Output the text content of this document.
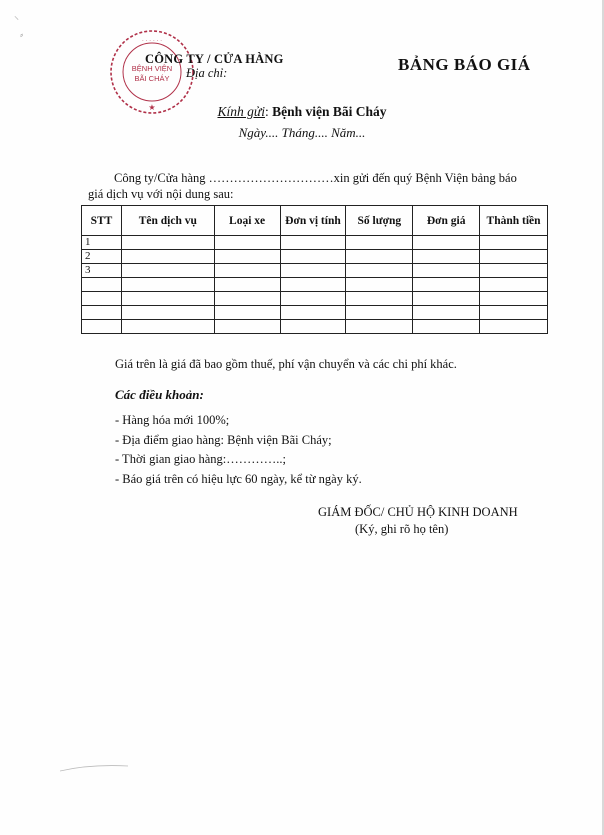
⸜
⸗	· · · · · ·
★
BỆNH VIỆN
BÃI CHÁY
CÔNG TY / CỬA HÀNG
Địa chỉ:	BẢNG BÁO GIÁ
Kính gửi: Bệnh viện Bãi Cháy
Ngày.... Tháng.... Năm...
Công ty/Cửa hàng …………………………xin gửi đến quý Bệnh Viện bảng báo
giá dịch vụ với nội dung sau:
STT	Tên dịch vụ	Loại xe	Đơn vị tính	Số lượng	Đơn giá	Thành tiền
1						
2						
3						

Giá trên là giá đã bao gồm thuế, phí vận chuyển và các chi phí khác.
Các điều khoản:
- Hàng hóa mới 100%;
- Địa điểm giao hàng: Bệnh viện Bãi Cháy;
- Thời gian giao hàng:…………..;
- Báo giá trên có hiệu lực 60 ngày, kể từ ngày ký.
GIÁM ĐỐC/ CHỦ HỘ KINH DOANH
(Ký, ghi rõ họ tên)
